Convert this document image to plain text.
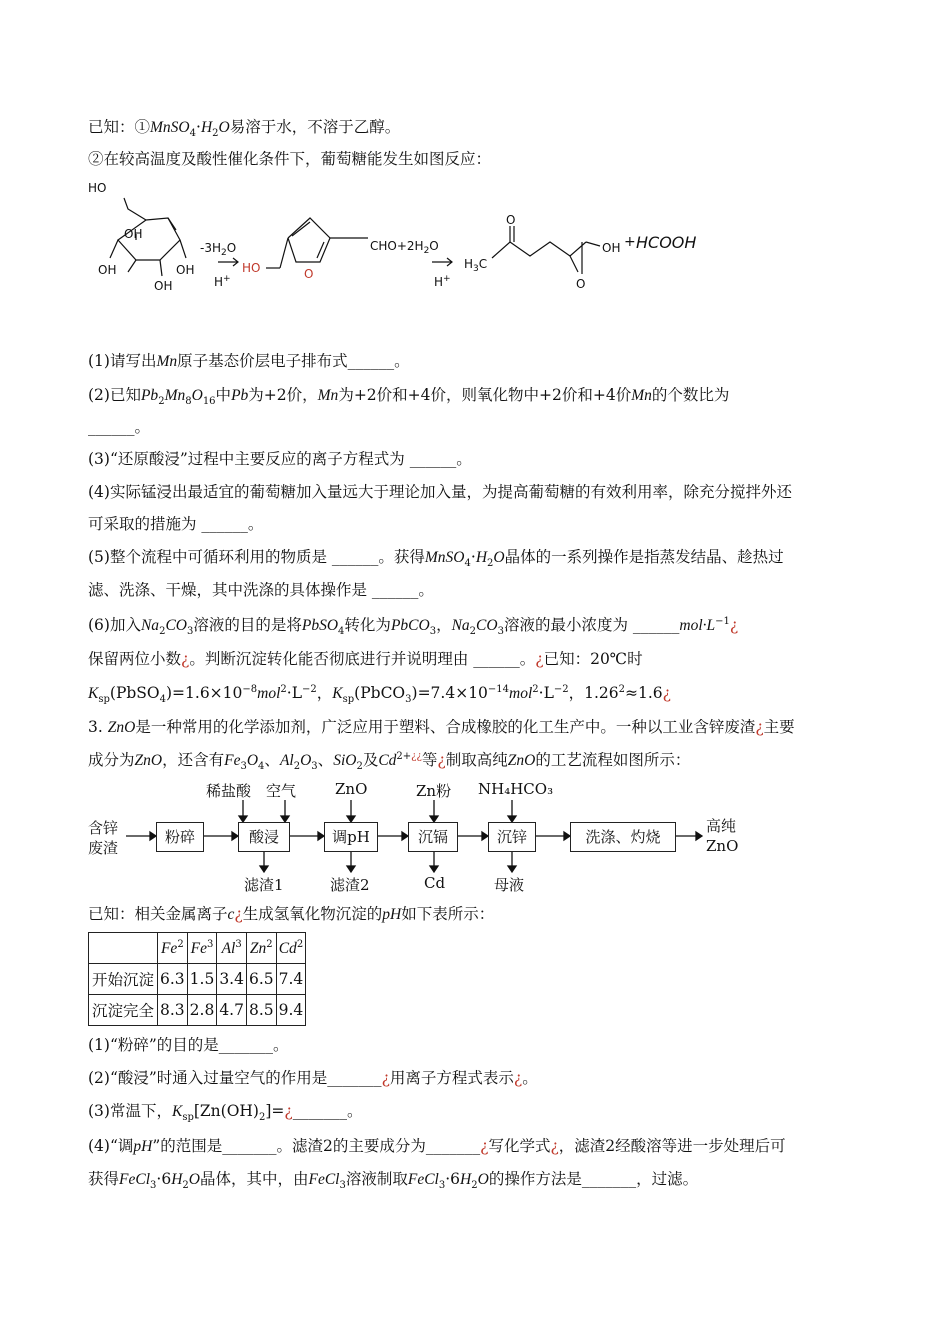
已知：$①MnSO_4\cdot H_2O$易溶于水，不溶于乙醇。
②在较高温度及酸性催化条件下，葡萄糖能发生如图反应：
HO
OH
OH	OH
OH
$-3H_2O$
H+
HO	O
$CHO+2H_2O$
H+
O
$H_3C$
OH
O
+ HCOOH
(1)请写出Mn原子基态价层电子排布式______。
(2)已知$Pb_2Mn_8O_{16}$中Pb为+2价，Mn为+2价和+4价，则氧化物中+2价和+4价Mn的个数比为
______。
(3)“还原酸浸”过程中主要反应的离子方程式为 ______。
(4)实际锰浸出最适宜的葡萄糖加入量远大于理论加入量，为提高葡萄糖的有效利用率，除充分搅拌外还
可采取的措施为 ______。
(5)整个流程中可循环利用的物质是 ______。获得$MnSO_4\cdot H_2O$晶体的一系列操作是指蒸发结晶、趁热过
滤、洗涤、干燥，其中洗涤的具体操作是 ______。
(6)加入$Na_2CO_3$溶液的目的是将PbSO$_4$转化为PbCO$_3$，$Na_2CO_3$溶液的最小浓度为 $\_\_\_\_\_\_mol\cdot L^{-1}¿$
保留两位小数¿。判断沉淀转化能否彻底进行并说明理由 ______。¿已知：20℃时
$K_{sp}(PbSO_4)=1.6\times 10^{-8}mol^2\cdot L^{-2}$，$K_{sp}(PbCO_3)=7.4\times 10^{-14}mol^2\cdot L^{-2}$，$1.26^2\approx 1.6¿$
3. ZnO是一种常用的化学添加剂，广泛应用于塑料、合成橡胶的化工生产中。一种以工业含锌废渣¿主要
成分为ZnO，还含有$Fe_3O_4$、$Al_2O_3$、SiO$_2$及$Cd^{2+¿¿}$等¿制取高纯ZnO的工艺流程如图所示：
含锌
废渣
粉碎	酸浸	调pH	沉镉	沉锌	洗涤、灼烧
高纯
ZnO
稀盐酸 空气	ZnO	Zn粉 NH₄HCO₃
滤渣1	滤渣2	Cd	母液
已知：相关金属离子c¿生成氢氧化物沉淀的pH如下表所示：
	Fe$^2$	Fe$^3$	Al$^3$	Zn$^2$	Cd$^2$
开始沉淀	6.3	1.5	3.4	6.5	7.4
沉淀完全	8.3	2.8	4.7	8.5	9.4
(1)“粉碎”的目的是_______。
(2)“酸浸”时通入过量空气的作用是_______¿用离子方程式表示¿。
(3)常温下，$K_{sp}[Zn(OH)_2]=¿\_\_\_\_\_\_\_$。
(4)“调pH”的范围是_______。滤渣2的主要成分为_______¿写化学式¿，滤渣2经酸溶等进一步处理后可
获得$FeCl_3\cdot 6H_2O$晶体，其中，由FeCl$_3$溶液制取$FeCl_3\cdot 6H_2O$的操作方法是_______，过滤。
